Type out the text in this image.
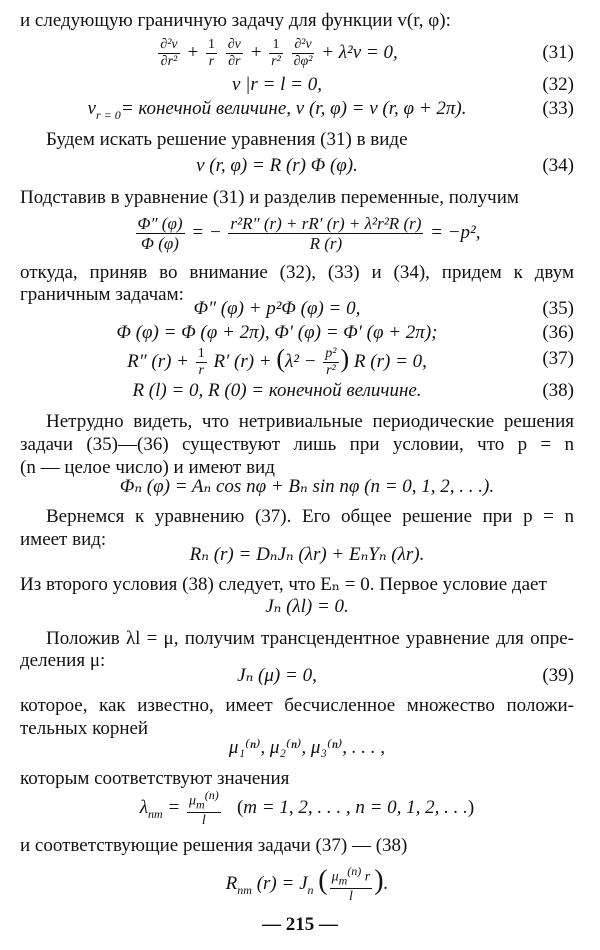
и следующую граничную задачу для функции v(r, φ):
$\frac{\text{∂²v}}{\text{∂r²}} + \frac{1}{r}$
$\frac{\partial v}{\partial r} + \frac{1}{\text{r²}}$
$\frac{\text{∂²v}}{\text{∂φ²}} + \lambda^2v = 0$,	(31)
v |r = l = 0,	(32)
$v_{r = 0}=$ конечной величине, v (r, φ) = v (r, φ + 2π).	(33)
Будем искать решение уравнения (31) в виде
v (r, φ) = R (r) Φ (φ).	(34)
Подставив в уравнение (31) и разделив переменные, получим
$\frac{\Phi'' (\varphi)}{\Phi (\varphi)}$ = − $\frac{\text{r²R″ (r) + rR′ (r) + λ²r²R (r)}}{R (r)} = -p^2$,
откуда, приняв во внимание (32), (33) и (34), придем к двум
граничным задачам:
Φ″ (φ) + p²Φ (φ) = 0,	(35)
Φ (φ) = Φ (φ + 2π), Φ′ (φ) = Φ′ (φ + 2π);	(36)
R″ $(r) + \frac{1}{r} R'$ $(r) + (\lambda^2 - \frac{\text{p²}}{\text{r²}}$ ) R (r) = 0,	(37)
R (l) = 0, R (0) = конечной величине.	(38)
Нетрудно видеть, что нетривиальные периодические решения
задачи (35)—(36) существуют лишь при условии, что p = n
(n — целое число) и имеют вид
Φₙ (φ) = Aₙ cos nφ + Bₙ sin nφ (n = 0, 1, 2, . . .).
Вернемся к уравнению (37). Его общее решение при p = n
имеет вид:
Rₙ (r) = DₙJₙ (λr) + EₙYₙ (λr).
Из второго условия (38) следует, что Eₙ = 0. Первое условие дает
Jₙ (λl) = 0.
Положив λl = μ, получим трансцендентное уравнение для опре-
деления μ:
Jₙ (μ) = 0,	(39)
которое, как известно, имеет бесчисленное множество положи-
тельных корней
μ₁⁽ⁿ⁾, μ₂⁽ⁿ⁾, μ₃⁽ⁿ⁾, . . . ,
которым соответствуют значения
$\lambda_{nm} = \frac{\mu_m^{(n)}}{l} (m = 1$, 2, . . . , n = 0, 1, 2, . . .)
и соответствующие решения задачи (37) — (38)
$R_{nm}$ $(r) = J_n$ ( $\frac{\mu_m^{(n)} r}{l}$ ).
— 215 —
